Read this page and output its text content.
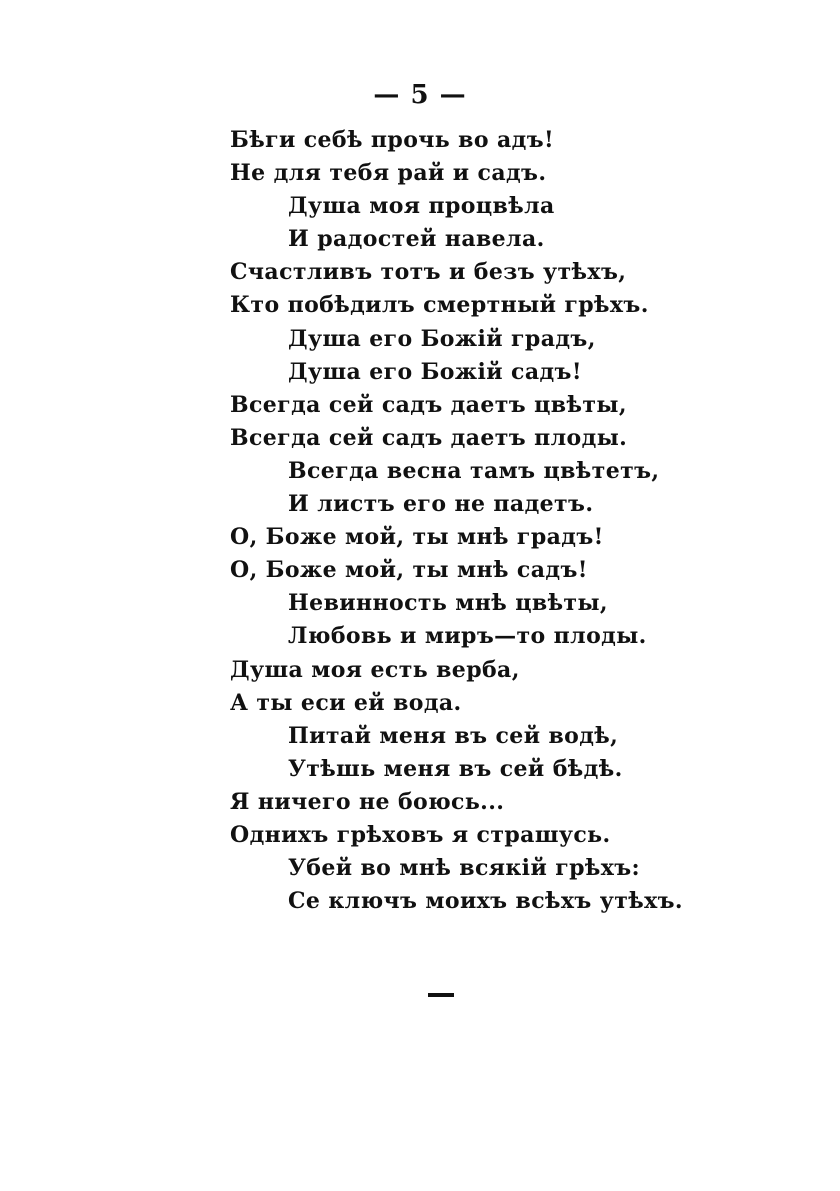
— 5 —
Бѣги себѣ прочь во адъ!
Не для тебя рай и садъ.
Душа моя процвѣла
И радостей навела.
Счастливъ тотъ и безъ утѣхъ,
Кто побѣдилъ смертный грѣхъ.
Душа его Божій градъ,
Душа его Божій садъ!
Всегда сей садъ даетъ цвѣты,
Всегда сей садъ даетъ плоды.
Всегда весна тамъ цвѣтетъ,
И листъ его не падетъ.
О, Боже мой, ты мнѣ градъ!
О, Боже мой, ты мнѣ садъ!
Невинность мнѣ цвѣты,
Любовь и миръ—то плоды.
Душа моя есть верба,
А ты еси ей вода.
Питай меня въ сей водѣ,
Утѣшь меня въ сей бѣдѣ.
Я ничего не боюсь...
Однихъ грѣховъ я страшусь.
Убей во мнѣ всякій грѣхъ:
Се ключъ моихъ всѣхъ утѣхъ.
